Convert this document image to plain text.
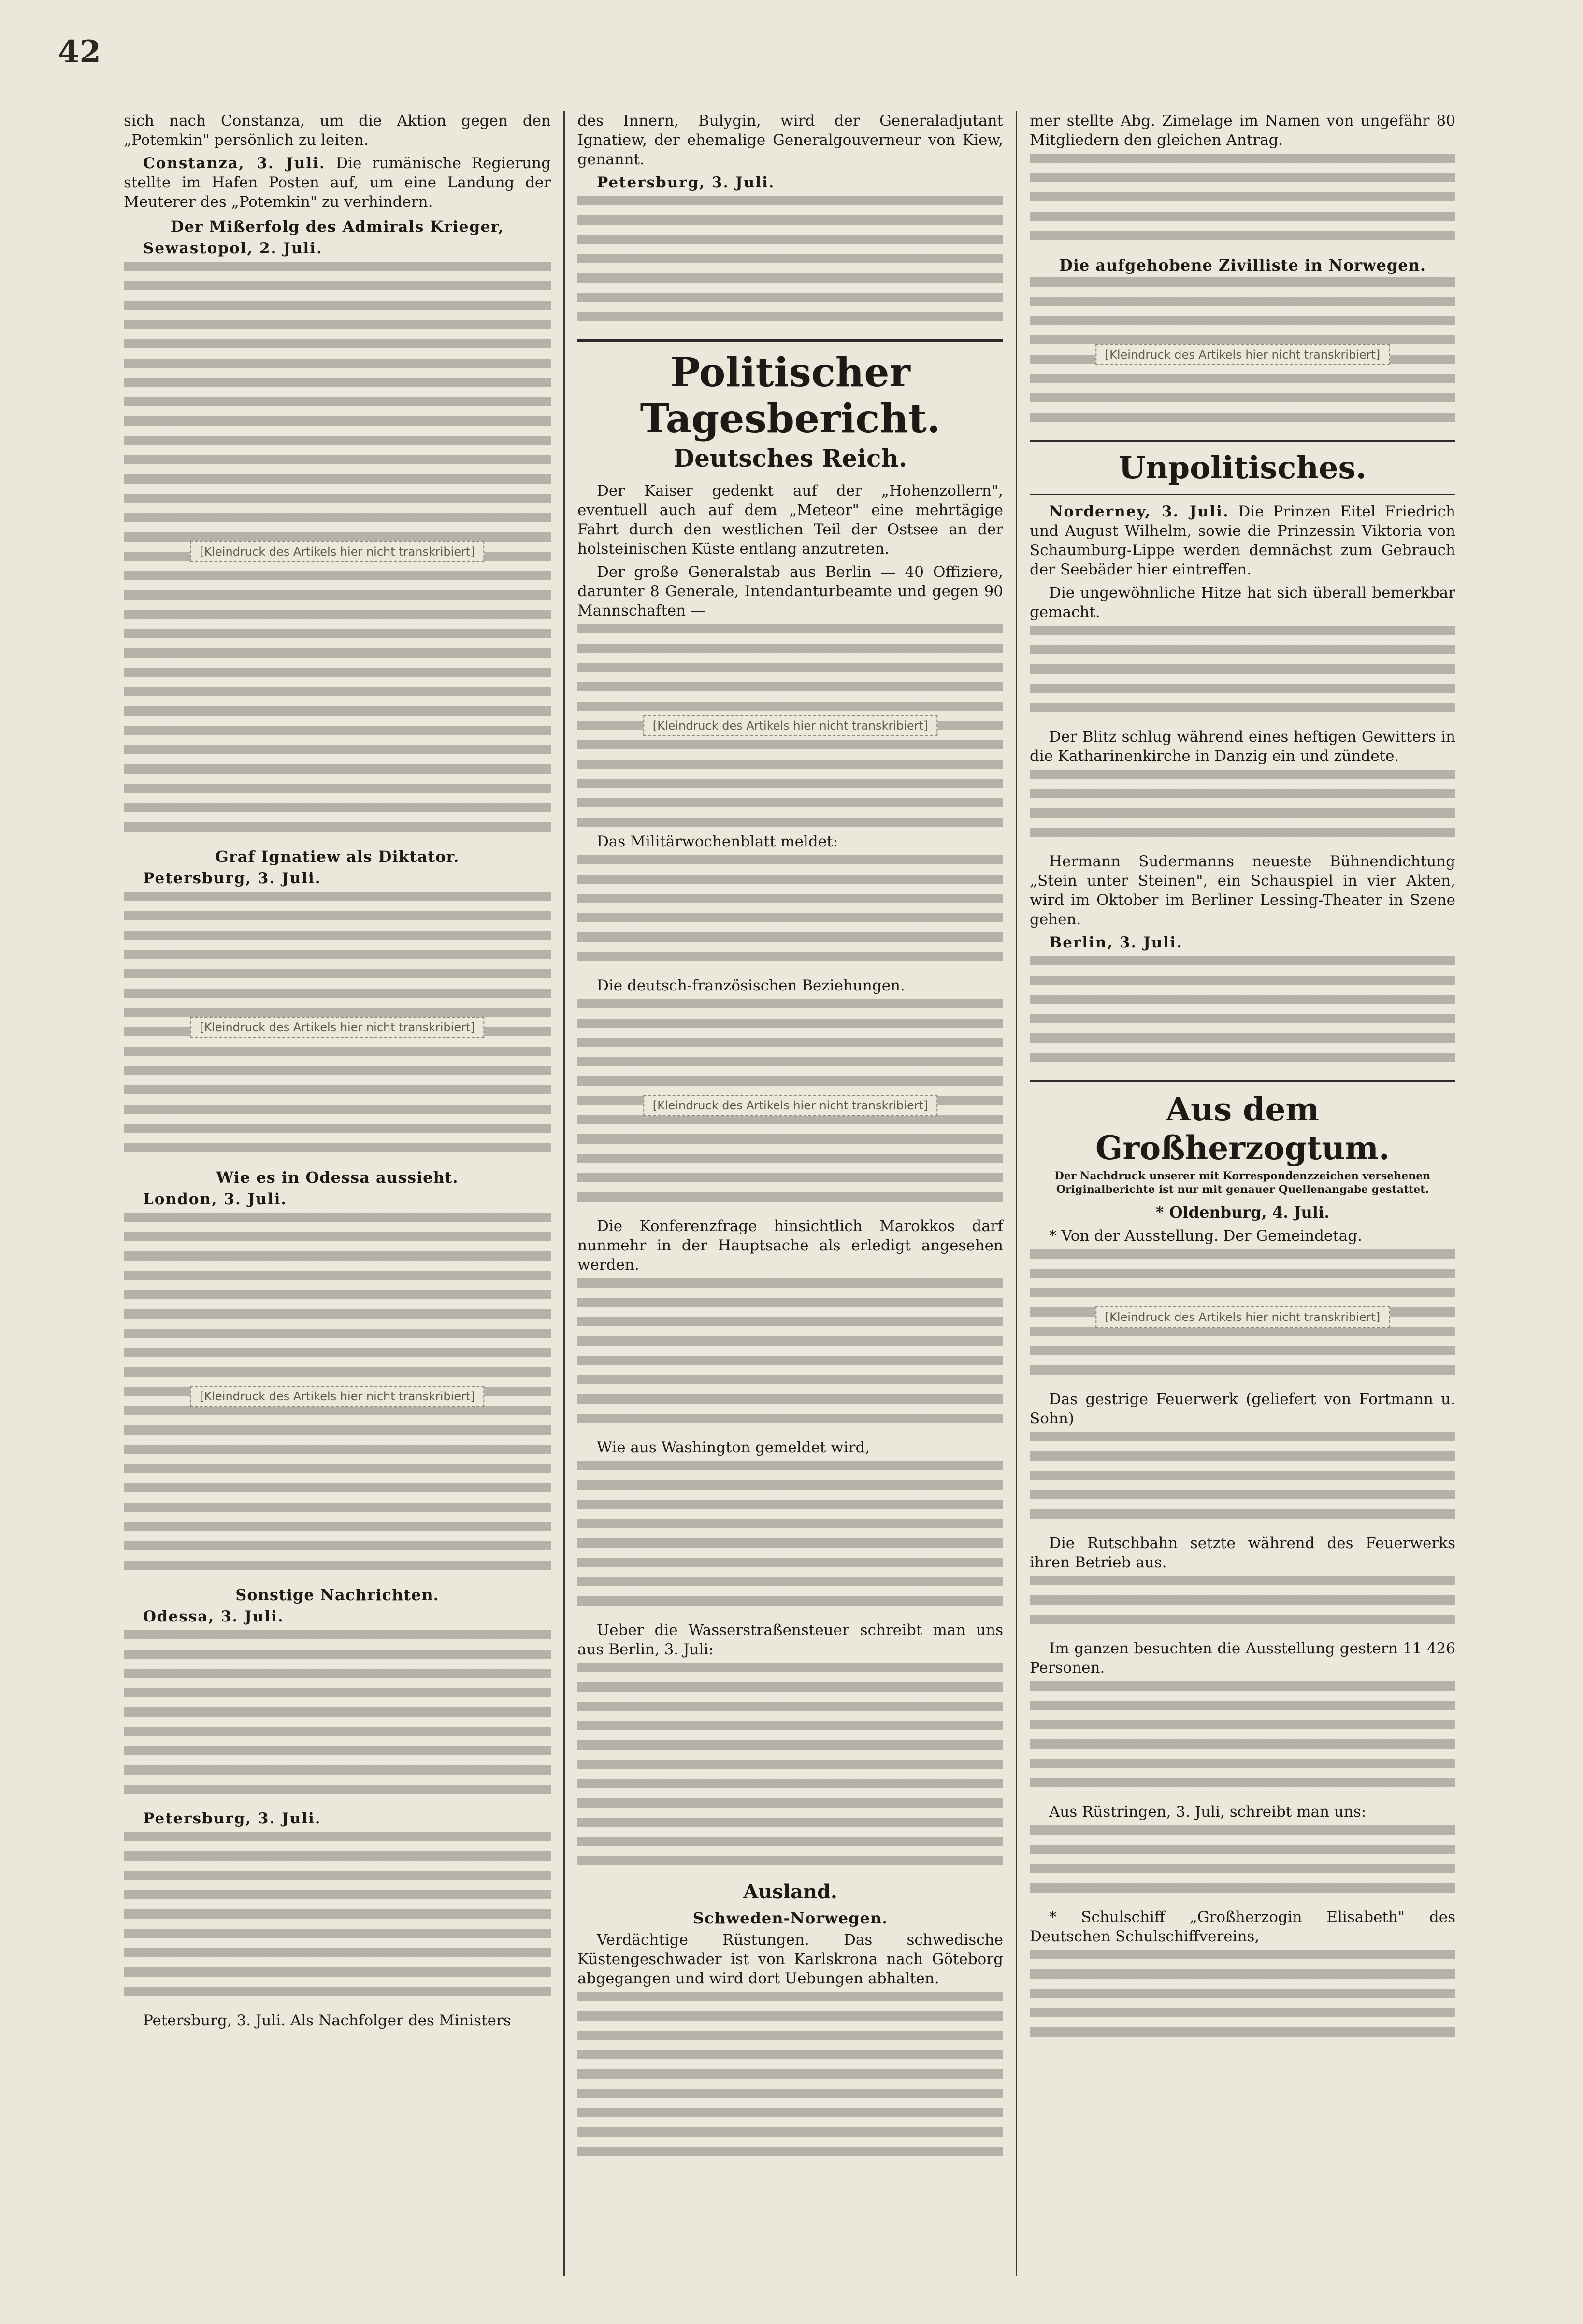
42

sich nach Constanza, um die Aktion gegen den „Potemkin" persönlich zu leiten.

Constanza, 3. Juli. Die rumänische Regierung stellte im Hafen Posten auf, um eine Landung der Meuterer des „Potemkin" zu verhindern.

Der Mißerfolg des Admirals Krieger,

Sewastopol, 2. Juli.

[Kleindruck des Artikels hier nicht transkribiert]
Graf Ignatiew als Diktator.

Petersburg, 3. Juli.

[Kleindruck des Artikels hier nicht transkribiert]
Wie es in Odessa aussieht.

London, 3. Juli.

[Kleindruck des Artikels hier nicht transkribiert]
Sonstige Nachrichten.

Odessa, 3. Juli.

Petersburg, 3. Juli.

Petersburg, 3. Juli. Als Nachfolger des Ministers

des Innern, Bulygin, wird der Generaladjutant Ignatiew, der ehemalige Generalgouverneur von Kiew, genannt.

Petersburg, 3. Juli.

Politischer Tagesbericht.
Deutsches Reich.

Der Kaiser gedenkt auf der „Hohenzollern", eventuell auch auf dem „Meteor" eine mehrtägige Fahrt durch den westlichen Teil der Ostsee an der holsteinischen Küste entlang anzutreten.

Der große Generalstab aus Berlin — 40 Offiziere, darunter 8 Generale, Intendanturbeamte und gegen 90 Mannschaften —

[Kleindruck des Artikels hier nicht transkribiert]

Das Militärwochenblatt meldet:

Die deutsch-französischen Beziehungen.

[Kleindruck des Artikels hier nicht transkribiert]

Die Konferenzfrage hinsichtlich Marokkos darf nunmehr in der Hauptsache als erledigt angesehen werden.

Wie aus Washington gemeldet wird,

Ueber die Wasserstraßensteuer schreibt man uns aus Berlin, 3. Juli:

Ausland.
Schweden-Norwegen.

Verdächtige Rüstungen. Das schwedische Küstengeschwader ist von Karlskrona nach Göteborg abgegangen und wird dort Uebungen abhalten.

mer stellte Abg. Zimelage im Namen von ungefähr 80 Mitgliedern den gleichen Antrag.

Die aufgehobene Zivilliste in Norwegen.
[Kleindruck des Artikels hier nicht transkribiert]
Unpolitisches.

Norderney, 3. Juli. Die Prinzen Eitel Friedrich und August Wilhelm, sowie die Prinzessin Viktoria von Schaumburg-Lippe werden demnächst zum Gebrauch der Seebäder hier eintreffen.

Die ungewöhnliche Hitze hat sich überall bemerkbar gemacht.

Der Blitz schlug während eines heftigen Gewitters in die Katharinenkirche in Danzig ein und zündete.

Hermann Sudermanns neueste Bühnendichtung „Stein unter Steinen", ein Schauspiel in vier Akten, wird im Oktober im Berliner Lessing-Theater in Szene gehen.

Berlin, 3. Juli.

Aus dem Großherzogtum.
Der Nachdruck unserer mit Korrespondenzzeichen versehenen Originalberichte ist nur mit genauer Quellenangabe gestattet.
* Oldenburg, 4. Juli.

* Von der Ausstellung. Der Gemeindetag.

[Kleindruck des Artikels hier nicht transkribiert]

Das gestrige Feuerwerk (geliefert von Fortmann u. Sohn)

Die Rutschbahn setzte während des Feuerwerks ihren Betrieb aus.

Im ganzen besuchten die Ausstellung gestern 11 426 Personen.

Aus Rüstringen, 3. Juli, schreibt man uns:

* Schulschiff „Großherzogin Elisabeth" des Deutschen Schulschiffvereins,
